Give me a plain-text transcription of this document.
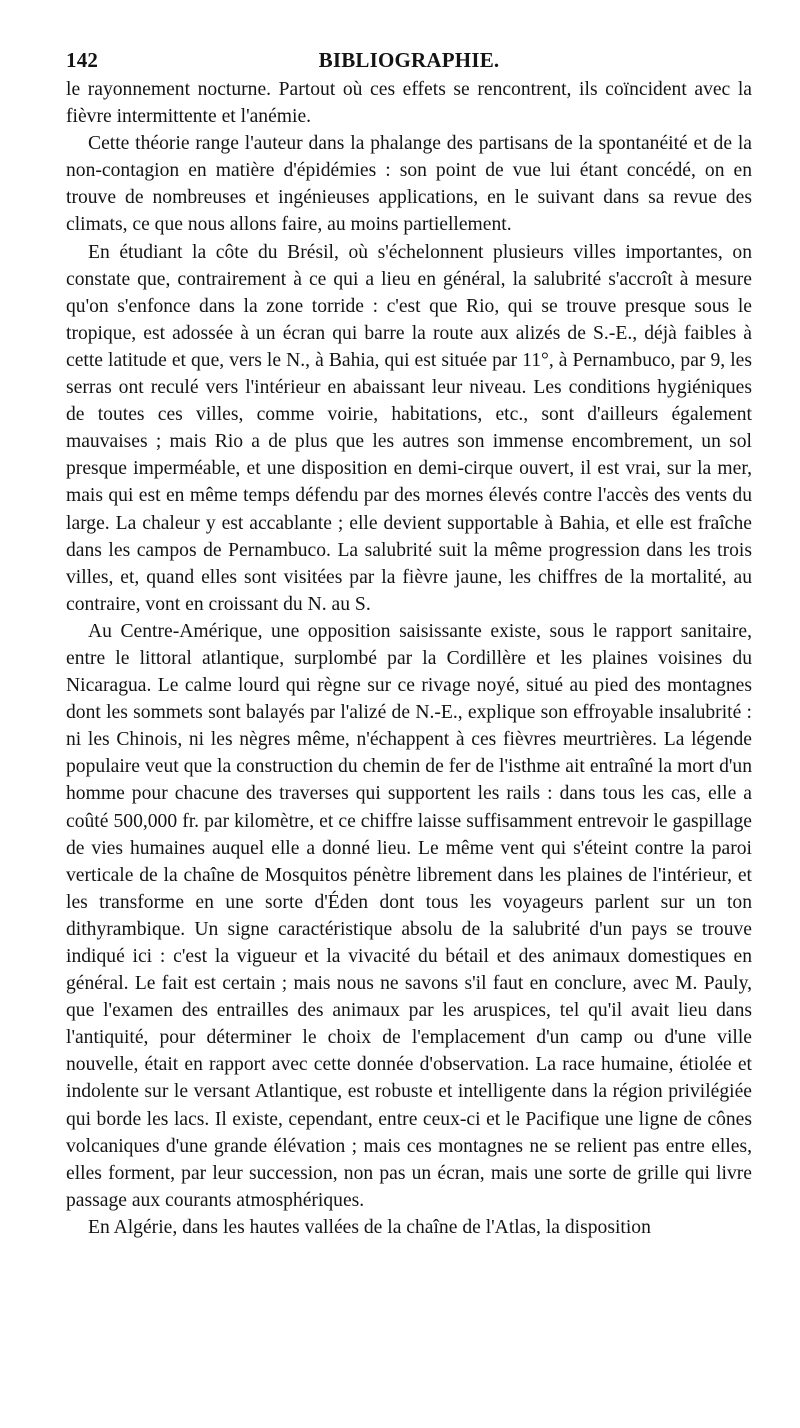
142	BIBLIOGRAPHIE.

le rayonnement nocturne. Partout où ces effets se rencontrent, ils coïncident avec la fièvre intermittente et l'anémie.

Cette théorie range l'auteur dans la phalange des partisans de la spontanéité et de la non-contagion en matière d'épidémies : son point de vue lui étant concédé, on en trouve de nombreuses et ingénieuses applications, en le suivant dans sa revue des climats, ce que nous allons faire, au moins partiellement.

En étudiant la côte du Brésil, où s'échelonnent plusieurs villes importantes, on constate que, contrairement à ce qui a lieu en général, la salubrité s'accroît à mesure qu'on s'enfonce dans la zone torride : c'est que Rio, qui se trouve presque sous le tropique, est adossée à un écran qui barre la route aux alizés de S.-E., déjà faibles à cette latitude et que, vers le N., à Bahia, qui est située par 11°, à Pernambuco, par 9, les serras ont reculé vers l'intérieur en abaissant leur niveau. Les conditions hygiéniques de toutes ces villes, comme voirie, habitations, etc., sont d'ailleurs également mauvaises ; mais Rio a de plus que les autres son immense encombrement, un sol presque imperméable, et une disposition en demi-cirque ouvert, il est vrai, sur la mer, mais qui est en même temps défendu par des mornes élevés contre l'accès des vents du large. La chaleur y est accablante ; elle devient supportable à Bahia, et elle est fraîche dans les campos de Pernambuco. La salubrité suit la même progression dans les trois villes, et, quand elles sont visitées par la fièvre jaune, les chiffres de la mortalité, au contraire, vont en croissant du N. au S.

Au Centre-Amérique, une opposition saisissante existe, sous le rapport sanitaire, entre le littoral atlantique, surplombé par la Cordillère et les plaines voisines du Nicaragua. Le calme lourd qui règne sur ce rivage noyé, situé au pied des montagnes dont les sommets sont balayés par l'alizé de N.-E., explique son effroyable insalubrité : ni les Chinois, ni les nègres même, n'échappent à ces fièvres meurtrières. La légende populaire veut que la construction du chemin de fer de l'isthme ait entraîné la mort d'un homme pour chacune des traverses qui supportent les rails : dans tous les cas, elle a coûté 500,000 fr. par kilomètre, et ce chiffre laisse suffisamment entrevoir le gaspillage de vies humaines auquel elle a donné lieu. Le même vent qui s'éteint contre la paroi verticale de la chaîne de Mosquitos pénètre librement dans les plaines de l'intérieur, et les transforme en une sorte d'Éden dont tous les voyageurs parlent sur un ton dithyrambique. Un signe caractéristique absolu de la salubrité d'un pays se trouve indiqué ici : c'est la vigueur et la vivacité du bétail et des animaux domestiques en général. Le fait est certain ; mais nous ne savons s'il faut en conclure, avec M. Pauly, que l'examen des entrailles des animaux par les aruspices, tel qu'il avait lieu dans l'antiquité, pour déterminer le choix de l'emplacement d'un camp ou d'une ville nouvelle, était en rapport avec cette donnée d'observation. La race humaine, étiolée et indolente sur le versant Atlantique, est robuste et intelligente dans la région privilégiée qui borde les lacs. Il existe, cependant, entre ceux-ci et le Pacifique une ligne de cônes volcaniques d'une grande élévation ; mais ces montagnes ne se relient pas entre elles, elles forment, par leur succession, non pas un écran, mais une sorte de grille qui livre passage aux courants atmosphériques.

En Algérie, dans les hautes vallées de la chaîne de l'Atlas, la disposition
